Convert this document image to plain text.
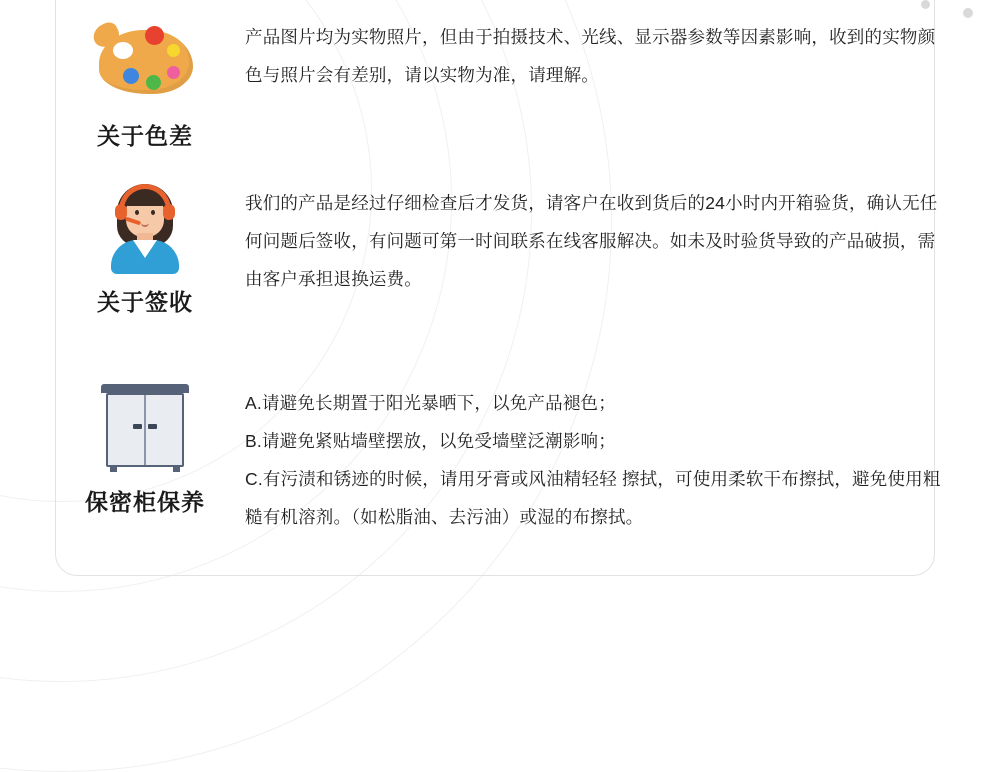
关于色差

产品图片均为实物照片，但由于拍摄技术、光线、显示器参数等因素影响，收到的实物颜色与照片会有差别，请以实物为准，请理解。

关于签收

我们的产品是经过仔细检查后才发货，请客户在收到货后的24小时内开箱验货，确认无任何问题后签收，有问题可第一时间联系在线客服解决。如未及时验货导致的产品破损，需由客户承担退换运费。

保密柜保养

A.请避免长期置于阳光暴晒下，以免产品褪色；

B.请避免紧贴墙壁摆放，以免受墙壁泛潮影响；

C.有污渍和锈迹的时候，请用牙膏或风油精轻轻 擦拭，可使用柔软干布擦拭，避免使用粗糙有机溶剂。（如松脂油、去污油）或湿的布擦拭。
